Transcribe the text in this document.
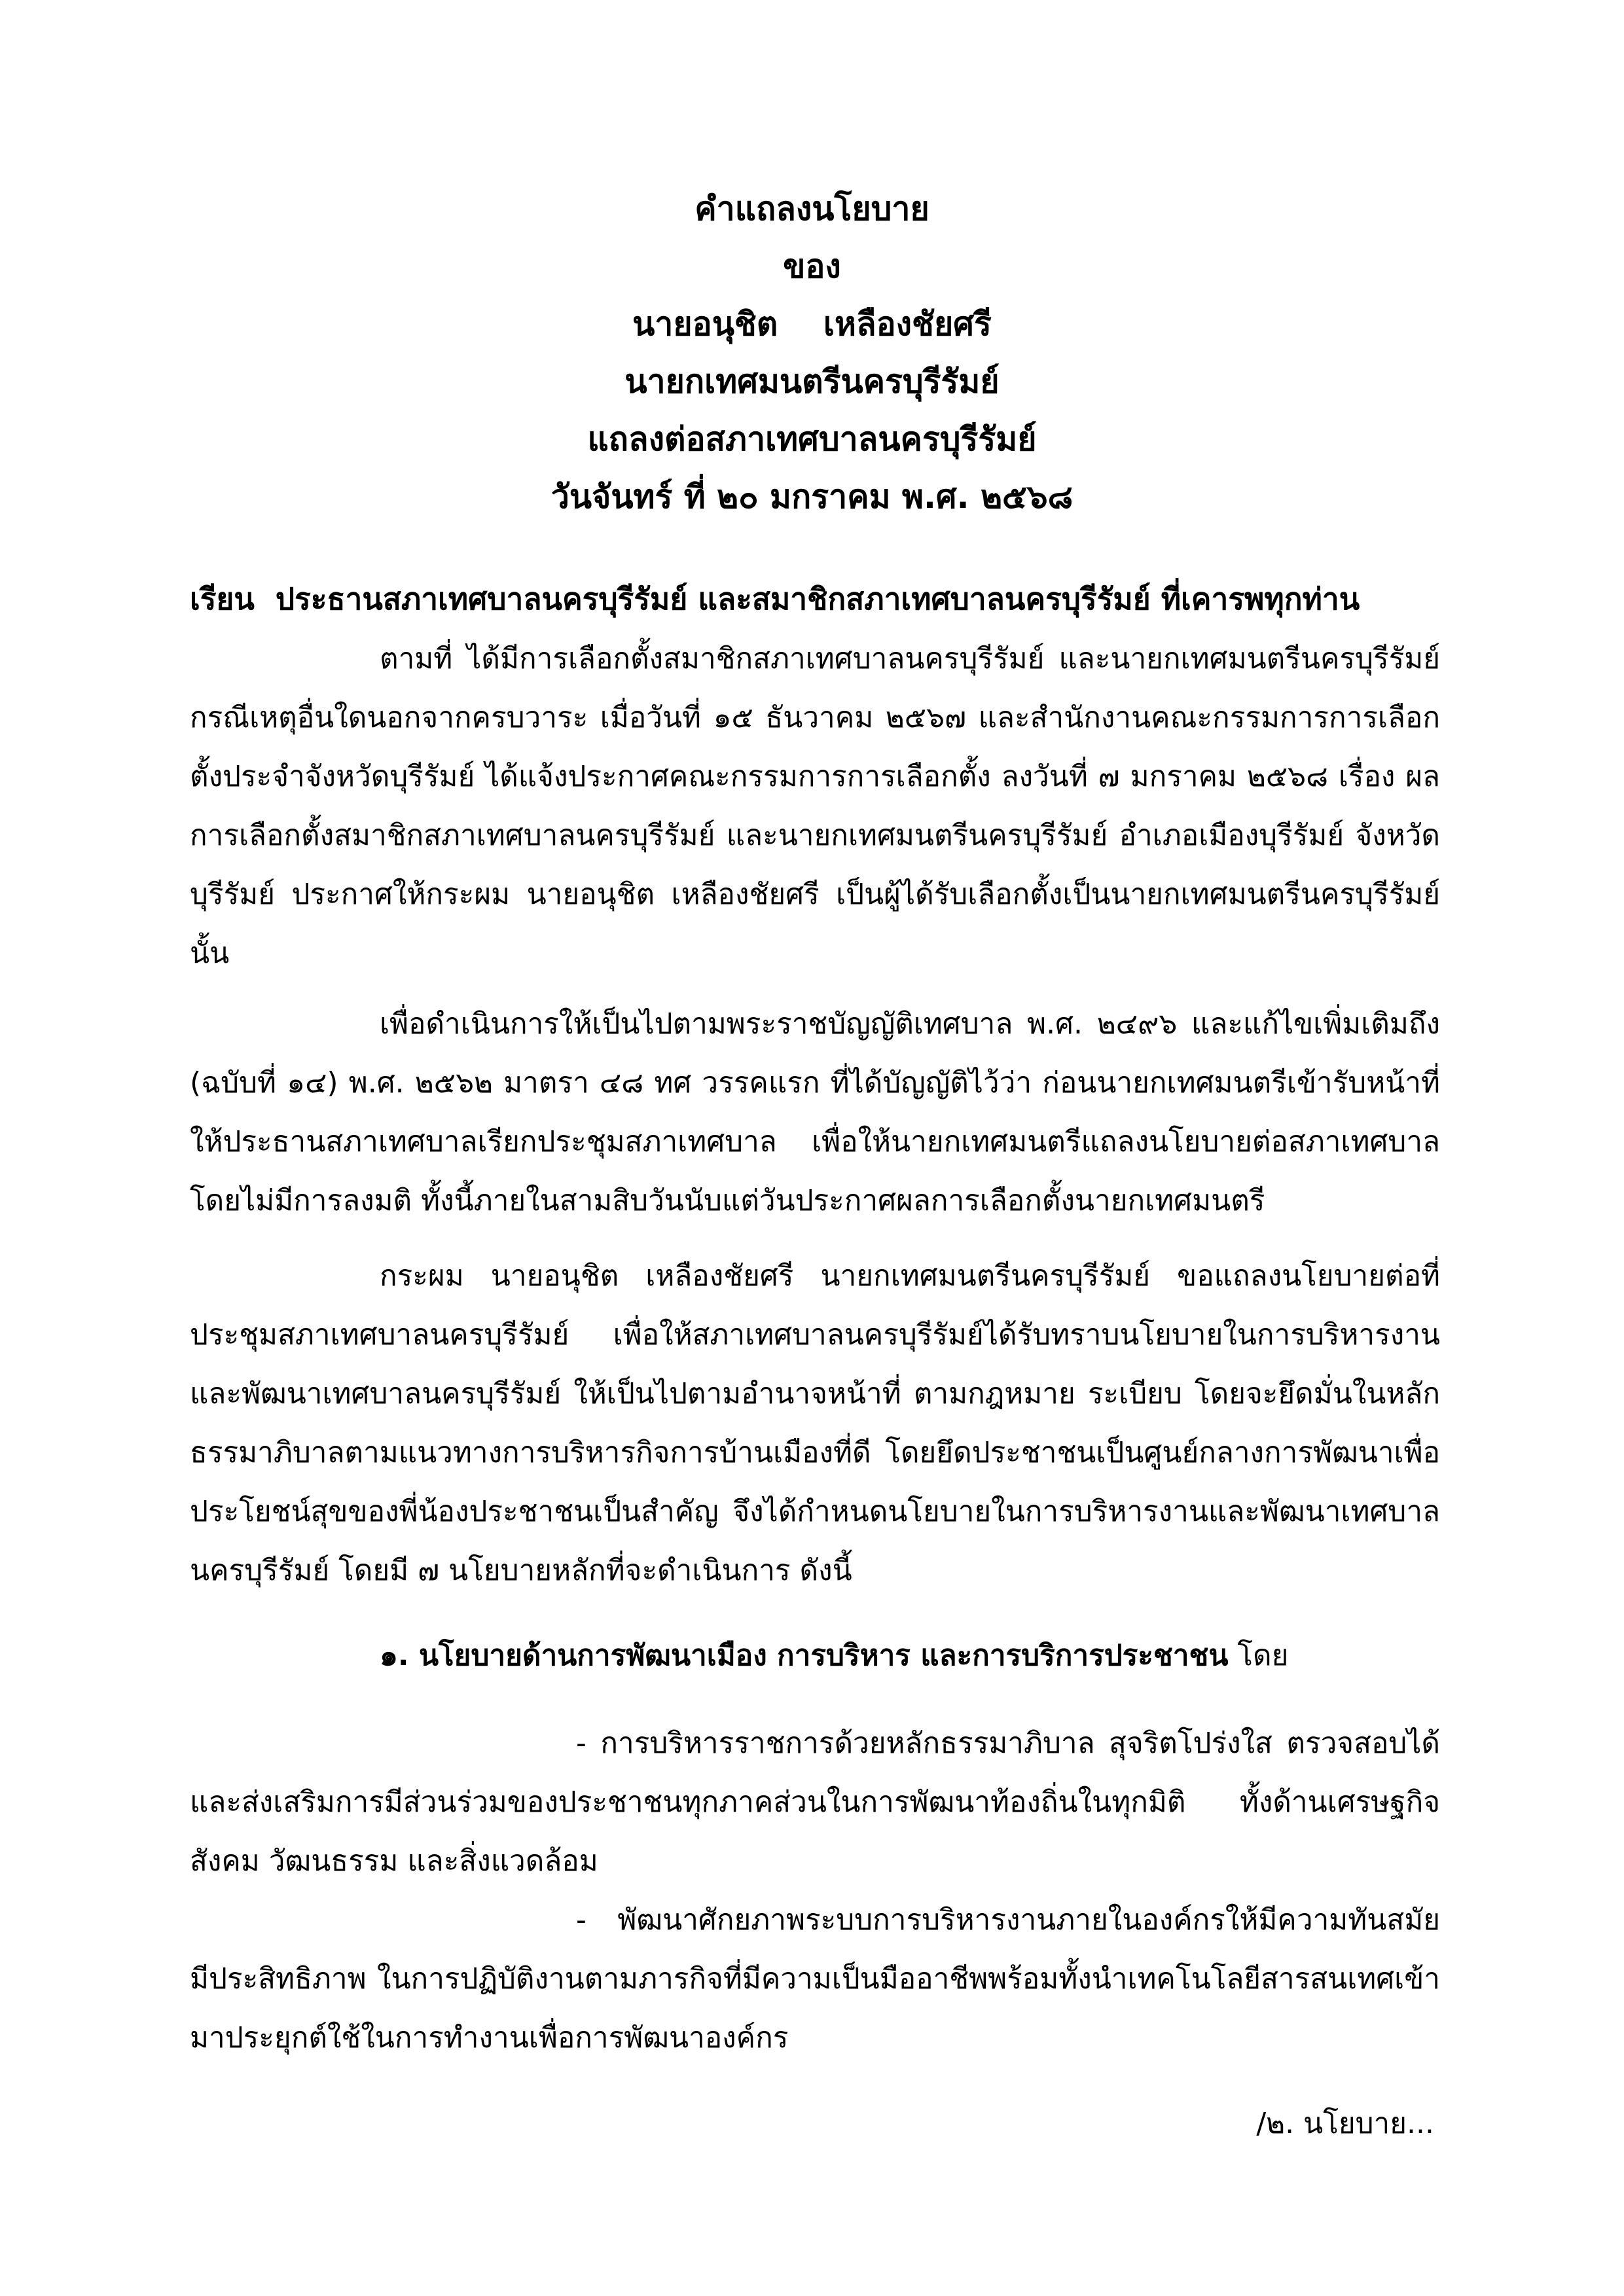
คำแถลงนโยบาย
ของ
นายอนุชิต    เหลืองชัยศรี
นายกเทศมนตรีนครบุรีรัมย์
แถลงต่อสภาเทศบาลนครบุรีรัมย์
วันจันทร์ ที่ ๒๐ มกราคม พ.ศ. ๒๕๖๘
เรียน  ประธานสภาเทศบาลนครบุรีรัมย์ และสมาชิกสภาเทศบาลนครบุรีรัมย์ ที่เคารพทุกท่าน

ตามที่ ได้มีการเลือกตั้งสมาชิกสภาเทศบาลนครบุรีรัมย์ และนายกเทศมนตรีนครบุรีรัมย์ กรณีเหตุอื่นใดนอกจากครบวาระ เมื่อวันที่ ๑๕ ธันวาคม ๒๕๖๗ และสำนักงานคณะกรรมการการเลือกตั้งประจำจังหวัดบุรีรัมย์ ได้แจ้งประกาศคณะกรรมการการเลือกตั้ง ลงวันที่ ๗ มกราคม ๒๕๖๘ เรื่อง ผลการเลือกตั้งสมาชิกสภาเทศบาลนครบุรีรัมย์ และนายกเทศมนตรีนครบุรีรัมย์ อำเภอเมืองบุรีรัมย์ จังหวัดบุรีรัมย์ ประกาศให้กระผม นายอนุชิต เหลืองชัยศรี เป็นผู้ได้รับเลือกตั้งเป็นนายกเทศมนตรีนครบุรีรัมย์ นั้น

เพื่อดำเนินการให้เป็นไปตามพระราชบัญญัติเทศบาล พ.ศ. ๒๔๙๖ และแก้ไขเพิ่มเติมถึง (ฉบับที่ ๑๔) พ.ศ. ๒๕๖๒ มาตรา ๔๘ ทศ วรรคแรก ที่ได้บัญญัติไว้ว่า ก่อนนายกเทศมนตรีเข้ารับหน้าที่ให้ประธานสภาเทศบาลเรียกประชุมสภาเทศบาล เพื่อให้นายกเทศมนตรีแถลงนโยบายต่อสภาเทศบาลโดยไม่มีการลงมติ ทั้งนี้ภายในสามสิบวันนับแต่วันประกาศผลการเลือกตั้งนายกเทศมนตรี

กระผม นายอนุชิต เหลืองชัยศรี นายกเทศมนตรีนครบุรีรัมย์ ขอแถลงนโยบายต่อที่ประชุมสภาเทศบาลนครบุรีรัมย์ เพื่อให้สภาเทศบาลนครบุรีรัมย์ได้รับทราบนโยบายในการบริหารงานและพัฒนาเทศบาลนครบุรีรัมย์ ให้เป็นไปตามอำนาจหน้าที่ ตามกฎหมาย ระเบียบ โดยจะยึดมั่นในหลักธรรมาภิบาลตามแนวทางการบริหารกิจการบ้านเมืองที่ดี โดยยึดประชาชนเป็นศูนย์กลางการพัฒนาเพื่อประโยชน์สุขของพี่น้องประชาชนเป็นสำคัญ จึงได้กำหนดนโยบายในการบริหารงานและพัฒนาเทศบาลนครบุรีรัมย์ โดยมี ๗ นโยบายหลักที่จะดำเนินการ ดังนี้

๑. นโยบายด้านการพัฒนาเมือง การบริหาร และการบริการประชาชน โดย

- การบริหารราชการด้วยหลักธรรมาภิบาล สุจริตโปร่งใส ตรวจสอบได้และส่งเสริมการมีส่วนร่วมของประชาชนทุกภาคส่วนในการพัฒนาท้องถิ่นในทุกมิติ ทั้งด้านเศรษฐกิจ สังคม วัฒนธรรม และสิ่งแวดล้อม

- พัฒนาศักยภาพระบบการบริหารงานภายในองค์กรให้มีความทันสมัย มีประสิทธิภาพ ในการปฏิบัติงานตามภารกิจที่มีความเป็นมืออาชีพพร้อมทั้งนำเทคโนโลยีสารสนเทศเข้ามาประยุกต์ใช้ในการทำงานเพื่อการพัฒนาองค์กร

/๒. นโยบาย...
